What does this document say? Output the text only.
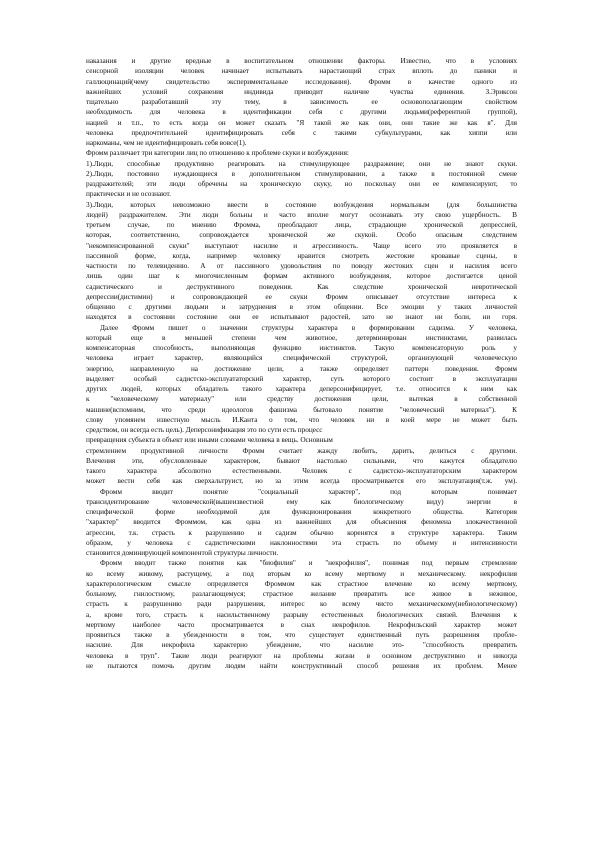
наказания и другие вредные в воспитательном отношении факторы. Известно, что в условиях
сенсорной изоляции человек начинает испытывать нарастающий страх вплоть до паники и
галлюцинаций(чему свидетельство экспериментальные исследования). Фромм в качестве одного из
важнейших условий сохранения индивида приводит наличие чувства единения. З.Эриксон
тщательно разработавший эту тему, в зависимость ее основополагающим свойством
необходимость для человека в идентификации себя с другими людьми(референтной группой),
нацией и т.п., то есть когда он может сказать "Я такой же как они, они такие же как я". Для
человека предпочтительней идентифицировать себя с такими субкультурами, как хиппи или
наркоманы, чем не идентифицировать себя вовсе(1).
Фромм различает три категории лиц по отношению к проблеме скуки и возбуждения:
1).Люди, способные продуктивно реагировать на стимулирующее раздражение; они не знают скуки.
2).Люди, постоянно нуждающиеся в дополнительном стимулировании, а также в постоянной смене
раздражителей; эти люди обречены на хроническую скуку, но поскольку они ее компенсируют, то
практически и не осознают.
3).Люди, которых невозможно ввести в состояние возбуждения нормальным (для большинства
людей) раздражителем. Эти люди больны и часто вполне могут осознавать эту свою ущербность. В
третьем случае, по мнению Фромма, преобладают лица, страдающие хронической депрессией,
которая, соответственно, сопровождается хронической же скукой. Особо опасным следствием
"некомпенсированной скуки" выступают насилие и агрессивность. Чаще всего это проявляется в
пассивной форме, когда, например человеку нравится смотреть жестокие кровавые сцены, в
частности по телевидению. А от пассивного удовольствия по поводу жестоких сцен и насилия всего
лишь один шаг к многочисленным формам активного возбуждения, которое достигается ценой
садистического и деструктивного поведения. Как следствие хронической невротической
депрессии(дистимии) и сопровождающей ее скуки Фромм описывает отсутствие интереса к
общению с другими людьми и затруднения в этом общении. Все эмоции у таких личностей
находятся в состоянии состояние они ее испытывают радостей, зато не знают ни боли, ни горя.
Далее Фромм пишет о значении структуры характера в формировании садизма. У человека,
который еще в меньшей степени чем животное, детерминирован инстинктами, развилась
компенсаторная способность, выполняющая функцию инстинктов. Такую компенсаторную роль у
человека играет характер, являющийся специфической структурой, организующей человеческую
энергию, направленную на достижение цели, а также определяет паттерн поведения. Фромм
выделяет особый садистско-эксплуататорский характер, суть которого состоит в эксплуатации
других людей, которых обладатель такого характера деперсонифицирует, т.е. относится к ним как
к "человеческому материалу" или средству достижения цели, вытекая в собственной
машине(вспомним, что среди идеологов фашизма бытовало понятие "человеческий материал"). К
слову упомянем известную мысль И.Канта о том, что человек ни в коей мере не может быть
средством, он всегда есть цель). Деперсонификация это по сути есть процесс
превращения субъекта в объект или иными словами человека в вещь. Основным
стремлением продуктивной личности Фромм считает жажду любить, дарить, делиться с другими.
Влечения эти, обусловленные характером, бывают настолько сильными, что кажутся обладателю
такого характера абсолютно естественными. Человек с садистско-эксплуататорским характером
может вести себя как сверхальтруист, но за этим всегда просматривается его эксплуатация(т.ж. ум).
Фромм вводит понятие "социальный характер", под которым понимает
трансидентирование человеческой(вышеизвестной ему как биологическому виду) энергии в
специфической форме необходимой для функционирования конкретного общества. Категория
"характер" вводится Фроммом, как одна из важнейших для объяснения феномена злокачественной
агрессии, т.к. страсть к разрушению и садизм обычно коренятся в структуре характера. Таким
образом, у человека с садистическими наклонностями эта страсть по объему и интенсивности
становится доминирующей компонентой структуры личности.
Фромм вводит также понятия как "биофилия" и "некрофилия", понимая под первым стремление
ко всему живому, растущему, а под вторым ко всему мертвому и механическому. некрофилия
характерологическом смысле определяется Фроммом как страстное влечение ко всему мертвому,
больному, гнилостному, разлагающемуся; страстное желание превратить все живое в неживое,
страсть к разрушению ради разрушения, интерес ко всему чисто механическому(небиологическому)
а, кроме того, страсть к насильственному разрыву естественных биологических связей. Влечения к
мертвому наиболее часто просматривается в снах некрофилов. Некрофильский характер может
проявиться также в убежденности в том, что существует единственный путь разрешения пробле-
насилие. Для некрофила характерно убеждение, что насилие это- "способность превратить
человека в труп". Такие люди реагируют на проблемы жизни в основном деструктивно и никогда
не пытаются помочь другим людям найти конструктивный способ решения их проблем. Менее
